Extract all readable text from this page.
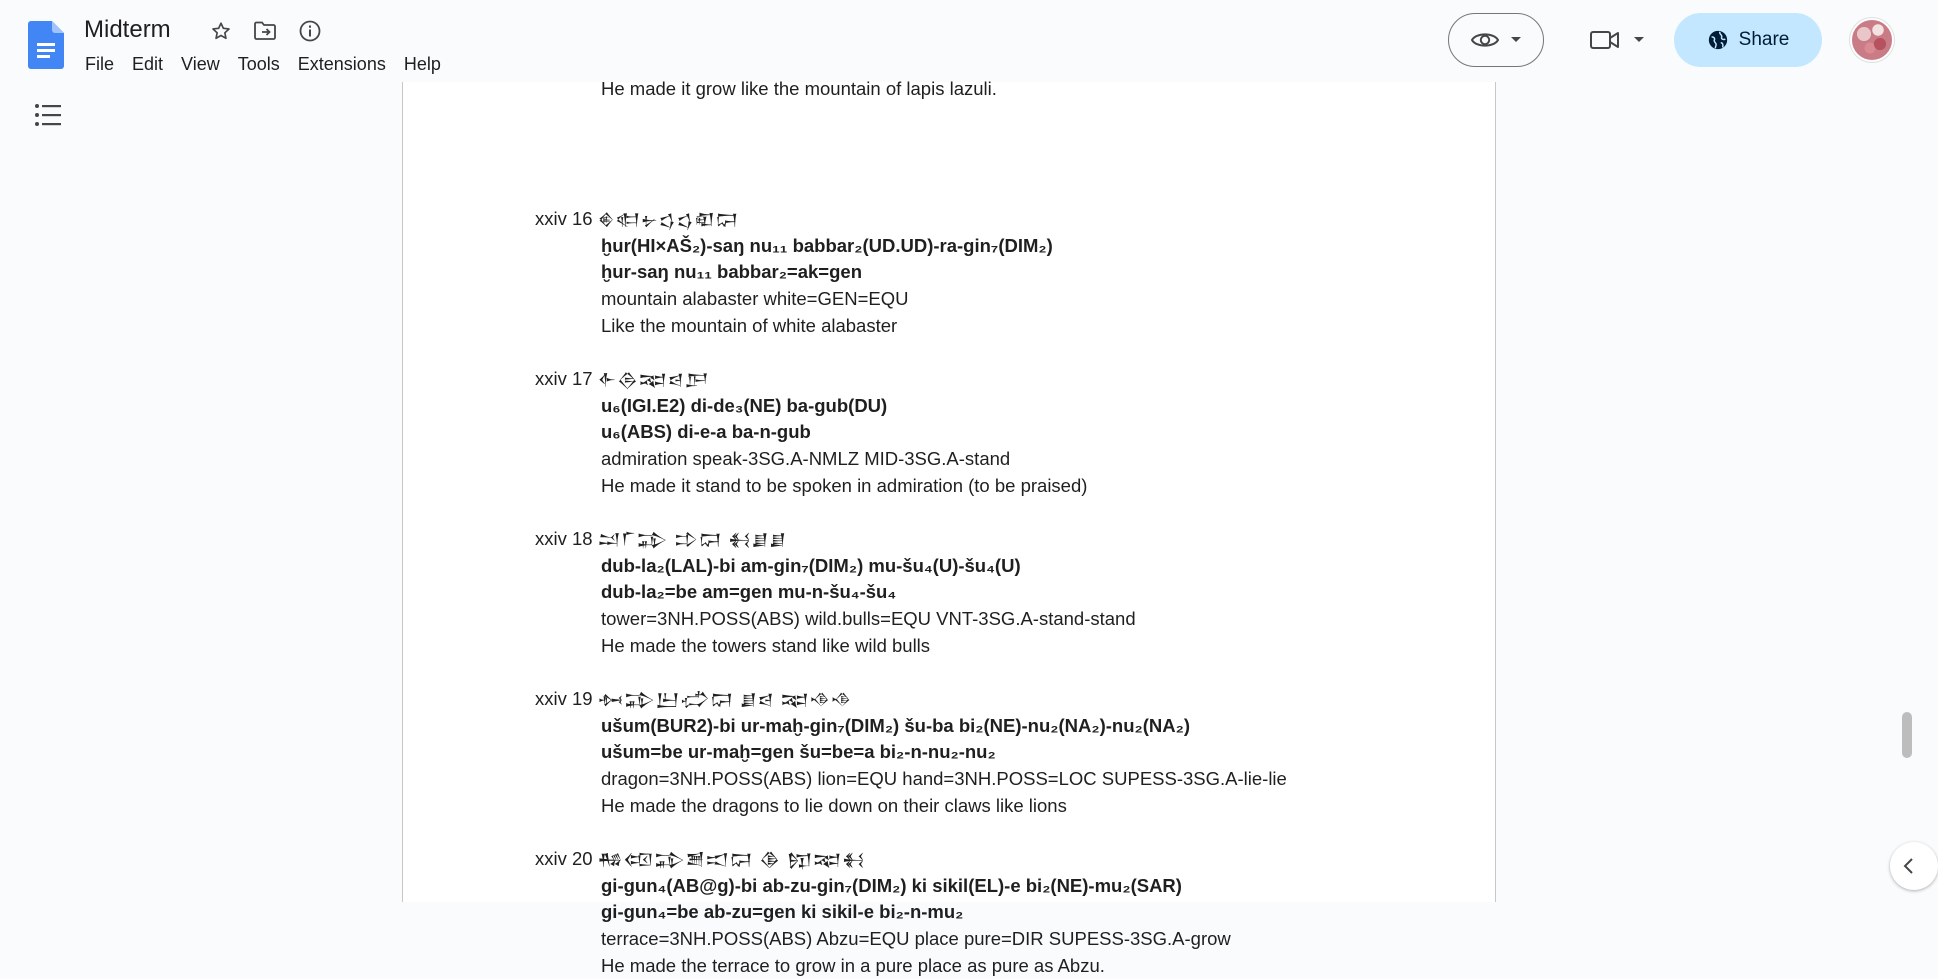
Midterm
File	Edit	View	Tools	Extensions	Help
Share
He made it grow like the mountain of lapis lazuli.
xxiv 16 𒄯𒊕𒉡𒌓𒌓𒊏𒁶
ḫur(HI×AŠ₂)-saŋ nu₁₁ babbar₂(UD.UD)-ra-gin₇(DIM₂)
ḫur-saŋ nu₁₁ babbar₂=ak=gen
mountain alabaster white=GEN=EQU
Like the mountain of white alabaster
xxiv 17 𒅆𒁲𒉈𒁀𒂅
u₆(IGI.E2) di-de₃(NE) ba-gub(DU)
u₆(ABS) di-e-a ba-n-gub
admiration speak-3SG.A-NMLZ MID-3SG.A-stand
He made it stand to be spoken in admiration (to be praised)
xxiv 18 𒁺𒇲𒁉 𒄞𒁶 𒈬𒋗𒋗
dub-la₂(LAL)-bi am-gin₇(DIM₂) mu-šu₄(U)-šu₄(U)
dub-la₂=be am=gen mu-n-šu₄-šu₄
tower=3NH.POSS(ABS) wild.bulls=EQU VNT-3SG.A-stand-stand
He made the towers stand like wild bulls
xxiv 19 𒁔𒁉𒌨𒈤𒁶 𒋗𒁀 𒉈𒈾𒈾
ušum(BUR2)-bi ur-maḫ-gin₇(DIM₂) šu-ba bi₂(NE)-nu₂(NA₂)-nu₂(NA₂)
ušum=be ur-maḫ=gen šu=be=a bi₂-n-nu₂-nu₂
dragon=3NH.POSS(ABS) lion=EQU hand=3NH.POSS=LOC SUPESS-3SG.A-lie-lie
He made the dragons to lie down on their claws like lions
xxiv 20 𒄀𒄢𒁉𒍪𒀊𒁶 𒆠 𒂖𒉈𒈬
gi-gun₄(AB@g)-bi ab-zu-gin₇(DIM₂) ki sikil(EL)-e bi₂(NE)-mu₂(SAR)
gi-gun₄=be ab-zu=gen ki sikil-e bi₂-n-mu₂
terrace=3NH.POSS(ABS) Abzu=EQU place pure=DIR SUPESS-3SG.A-grow
He made the terrace to grow in a pure place as pure as Abzu.
